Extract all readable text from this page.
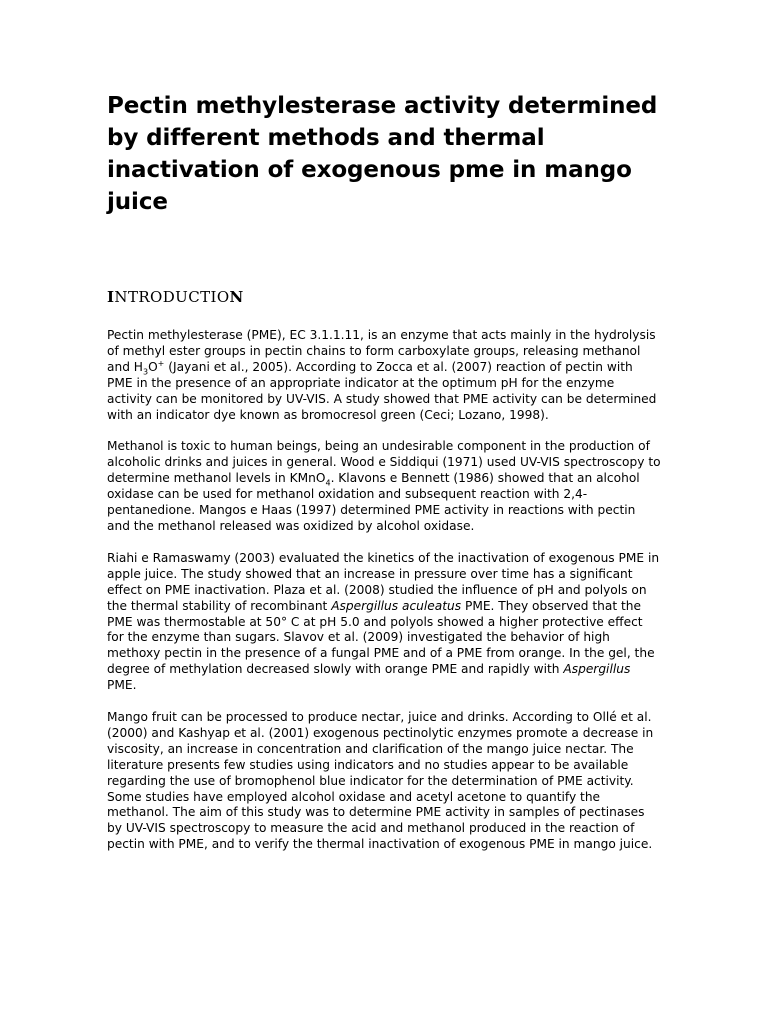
Pectin methylesterase activity determined by different methods and thermal inactivation of exogenous pme in mango juice
INTRODUCTION

Pectin methylesterase (PME), EC 3.1.1.11, is an enzyme that acts mainly in the hydrolysis of methyl ester groups in pectin chains to form carboxylate groups, releasing methanol and $H_3O^+$ (Jayani et al., 2005). According to Zocca et al. (2007) reaction of pectin with PME in the presence of an appropriate indicator at the optimum pH for the enzyme activity can be monitored by UV-VIS. A study showed that PME activity can be determined with an indicator dye known as bromocresol green (Ceci; Lozano, 1998).

Methanol is toxic to human beings, being an undesirable component in the production of alcoholic drinks and juices in general. Wood e Siddiqui (1971) used UV-VIS spectroscopy to determine methanol levels in KMnO$_4$. Klavons e Bennett (1986) showed that an alcohol oxidase can be used for methanol oxidation and subsequent reaction with 2,4-pentanedione. Mangos e Haas (1997) determined PME activity in reactions with pectin and the methanol released was oxidized by alcohol oxidase.

Riahi e Ramaswamy (2003) evaluated the kinetics of the inactivation of exogenous PME in apple juice. The study showed that an increase in pressure over time has a significant effect on PME inactivation. Plaza et al. (2008) studied the influence of pH and polyols on the thermal stability of recombinant Aspergillus aculeatus PME. They observed that the PME was thermostable at 50° C at pH 5.0 and polyols showed a higher protective effect for the enzyme than sugars. Slavov et al. (2009) investigated the behavior of high methoxy pectin in the presence of a fungal PME and of a PME from orange. In the gel, the degree of methylation decreased slowly with orange PME and rapidly with Aspergillus PME.

Mango fruit can be processed to produce nectar, juice and drinks. According to Ollé et al. (2000) and Kashyap et al. (2001) exogenous pectinolytic enzymes promote a decrease in viscosity, an increase in concentration and clarification of the mango juice nectar. The literature presents few studies using indicators and no studies appear to be available regarding the use of bromophenol blue indicator for the determination of PME activity. Some studies have employed alcohol oxidase and acetyl acetone to quantify the methanol. The aim of this study was to determine PME activity in samples of pectinases by UV-VIS spectroscopy to measure the acid and methanol produced in the reaction of pectin with PME, and to verify the thermal inactivation of exogenous PME in mango juice.
